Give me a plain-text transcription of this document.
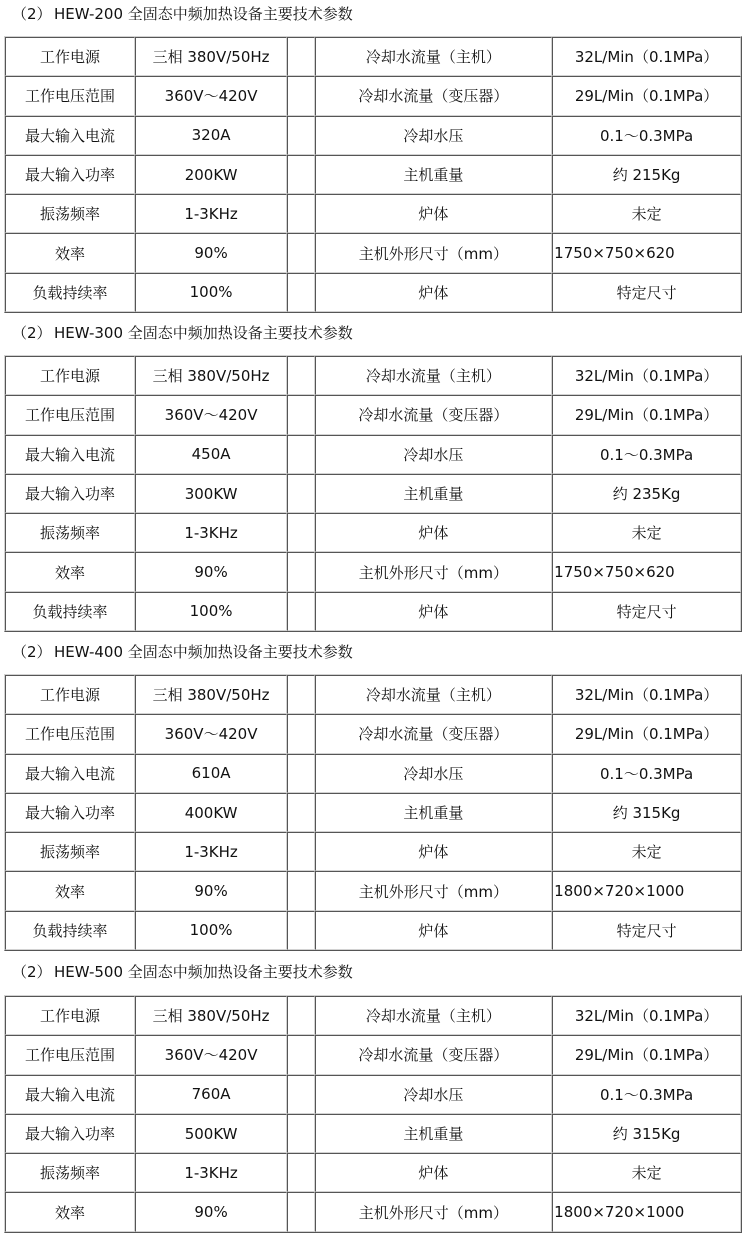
（2） HEW-200 全固态中频加热设备主要技术参数
工作电源	三相 380V/50Hz		冷却水流量（主机）	32L/Min（0.1MPa）
工作电压范围	360V～420V		冷却水流量（变压器）	29L/Min（0.1MPa）
最大输入电流	320A		冷却水压	0.1～0.3MPa
最大输入功率	200KW		主机重量	约 215Kg
振荡频率	1-3KHz		炉体	未定
效率	90%		主机外形尺寸（mm）	1750×750×620
负载持续率	100%		炉体	特定尺寸
（2） HEW-300 全固态中频加热设备主要技术参数
工作电源	三相 380V/50Hz		冷却水流量（主机）	32L/Min（0.1MPa）
工作电压范围	360V～420V		冷却水流量（变压器）	29L/Min（0.1MPa）
最大输入电流	450A		冷却水压	0.1～0.3MPa
最大输入功率	300KW		主机重量	约 235Kg
振荡频率	1-3KHz		炉体	未定
效率	90%		主机外形尺寸（mm）	1750×750×620
负载持续率	100%		炉体	特定尺寸
（2） HEW-400 全固态中频加热设备主要技术参数
工作电源	三相 380V/50Hz		冷却水流量（主机）	32L/Min（0.1MPa）
工作电压范围	360V～420V		冷却水流量（变压器）	29L/Min（0.1MPa）
最大输入电流	610A		冷却水压	0.1～0.3MPa
最大输入功率	400KW		主机重量	约 315Kg
振荡频率	1-3KHz		炉体	未定
效率	90%		主机外形尺寸（mm）	1800×720×1000
负载持续率	100%		炉体	特定尺寸
（2） HEW-500 全固态中频加热设备主要技术参数
工作电源	三相 380V/50Hz		冷却水流量（主机）	32L/Min（0.1MPa）
工作电压范围	360V～420V		冷却水流量（变压器）	29L/Min（0.1MPa）
最大输入电流	760A		冷却水压	0.1～0.3MPa
最大输入功率	500KW		主机重量	约 315Kg
振荡频率	1-3KHz		炉体	未定
效率	90%		主机外形尺寸（mm）	1800×720×1000
